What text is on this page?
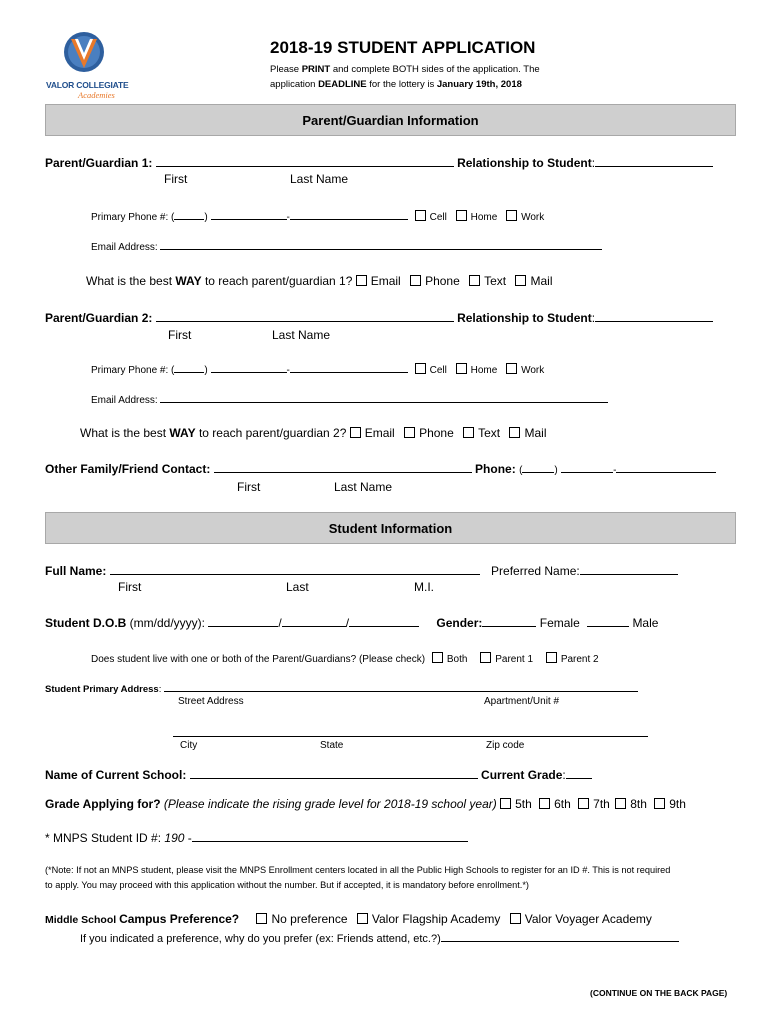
VALOR COLLEGIATE
Academies
2018-19 STUDENT APPLICATION
Please PRINT and complete BOTH sides of the application. The
application DEADLINE for the lottery is January 19th, 2018
Parent/Guardian Information
Parent/Guardian 1:	Relationship to Student:
First	Last Name
Primary Phone #: (	)	-	Cell Home Work
Email Address:
What is the best WAY to reach parent/guardian 1? Email Phone Text Mail
Parent/Guardian 2:	Relationship to Student:
First	Last Name
Primary Phone #: (	)	-	Cell Home Work
Email Address:
What is the best WAY to reach parent/guardian 2? Email Phone Text Mail
Other Family/Friend Contact:	Phone: (	)	-
First	Last Name
Student Information
Full Name:	Preferred Name:
First	Last	M.I.
Student D.O.B (mm/dd/yyyy):	/	/	Gender:	Female	Male
Does student live with one or both of the Parent/Guardians? (Please check) Both	Parent 1	Parent 2
Student Primary Address:
Street Address	Apartment/Unit #
City	State	Zip code
Name of Current School:	Current Grade:
Grade Applying for? (Please indicate the rising grade level for 2018-19 school year) 5th 6th 7th 8th 9th
* MNPS Student ID #: 190 -
(*Note: If not an MNPS student, please visit the MNPS Enrollment centers located in all the Public High Schools to register for an ID #. This is not required
to apply. You may proceed with this application without the number. But if accepted, it is mandatory before enrollment.*)
Middle School Campus Preference?	No preference Valor Flagship Academy Valor Voyager Academy
If you indicated a preference, why do you prefer (ex: Friends attend, etc.?)
(CONTINUE ON THE BACK PAGE)
